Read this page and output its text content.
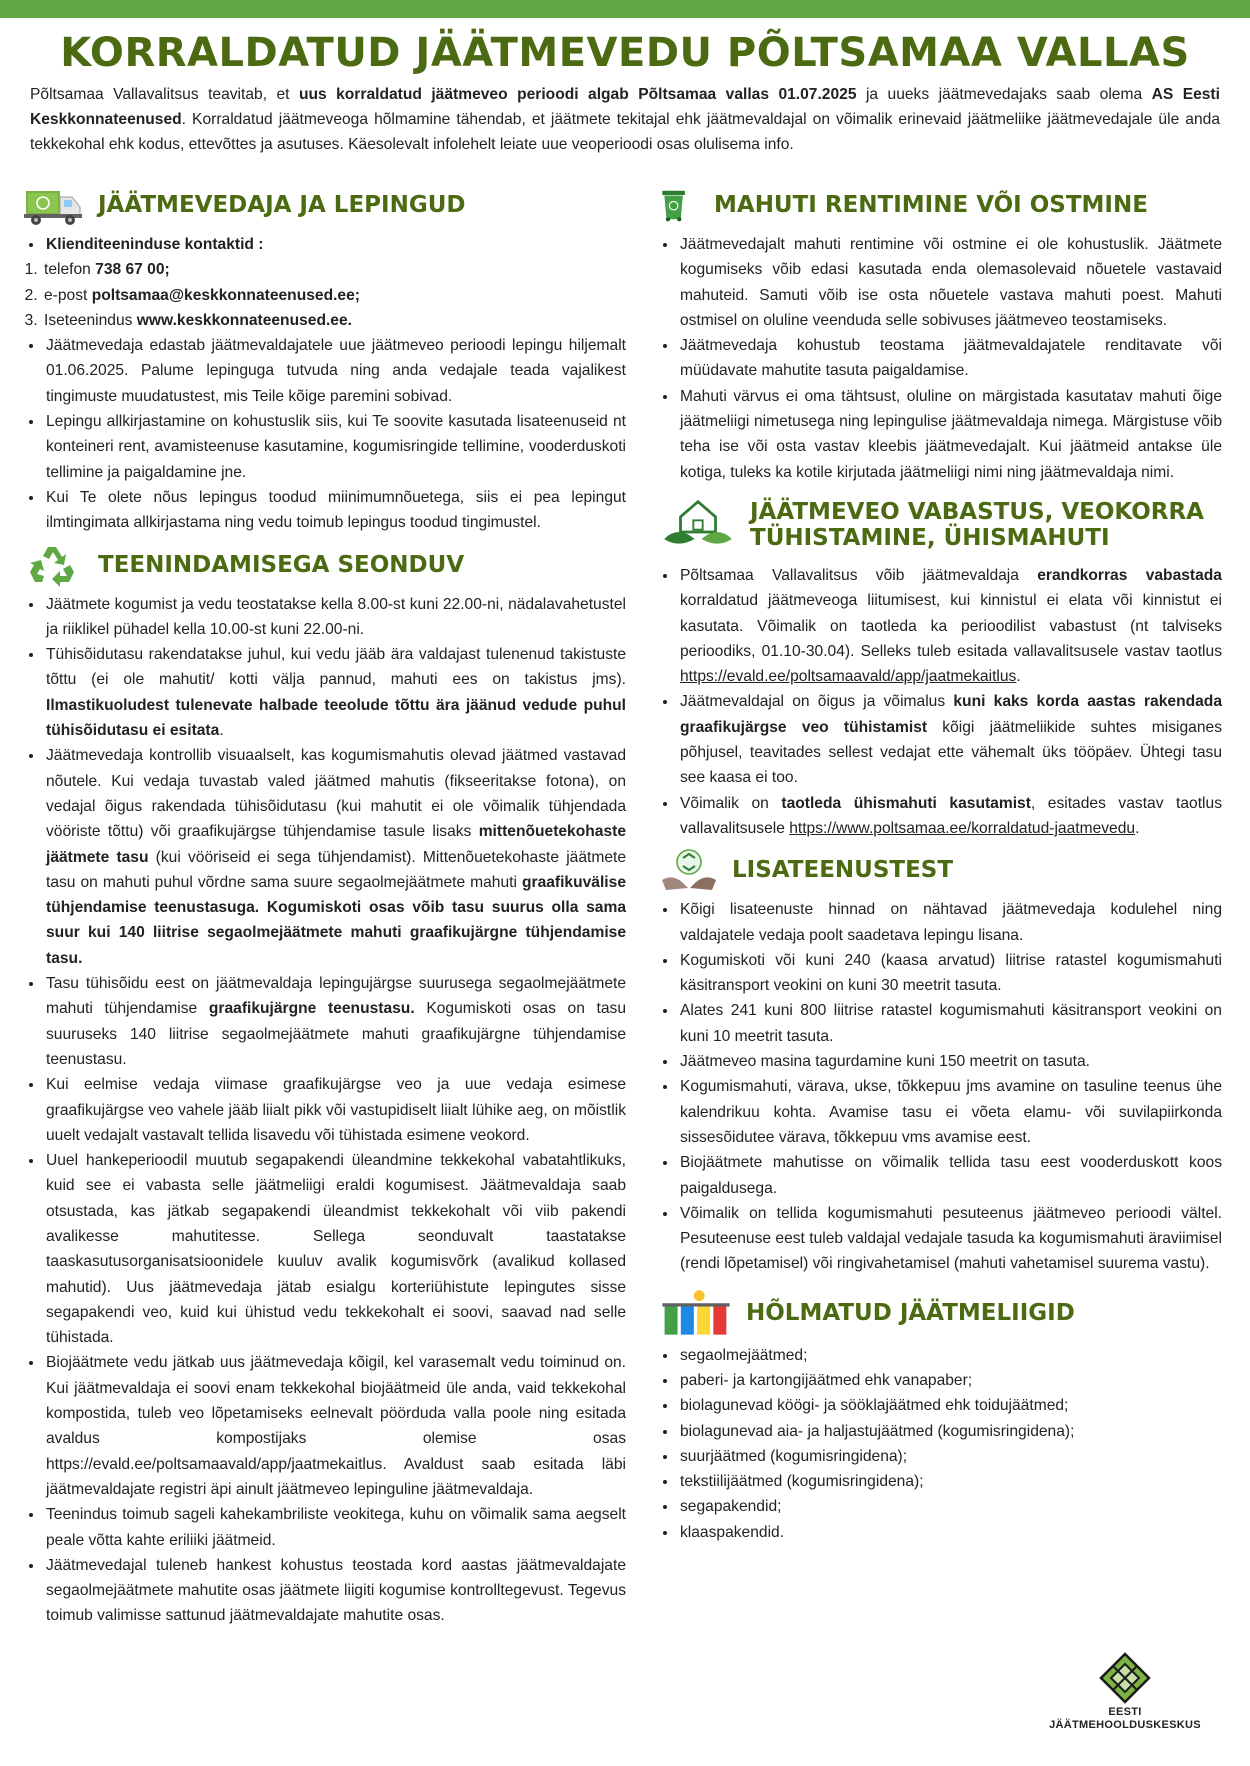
KORRALDATUD JÄÄTMEVEDU PÕLTSAMAA VALLAS

Põltsamaa Vallavalitsus teavitab, et uus korraldatud jäätmeveo perioodi algab Põltsamaa vallas 01.07.2025 ja uueks jäätmevedajaks saab olema AS Eesti Keskkonnateenused. Korraldatud jäätmeveoga hõlmamine tähendab, et jäätmete tekitajal ehk jäätmevaldajal on võimalik erinevaid jäätmeliike jäätmevedajale üle anda tekkekohal ehk kodus, ettevõttes ja asutuses. Käesolevalt infolehelt leiate uue veoperioodi osas olulisema info.

JÄÄTMEVEDAJA JA LEPINGUD
• Klienditeeninduse kontaktid :
1. telefon 738 67 00;
2. e-post poltsamaa@keskkonnateenused.ee;
3. Iseteenindus www.keskkonnateenused.ee.
• Jäätmevedaja edastab jäätmevaldajatele uue jäätmeveo perioodi lepingu hiljemalt 01.06.2025. Palume lepinguga tutvuda ning anda vedajale teada vajalikest tingimuste muudatustest, mis Teile kõige paremini sobivad.
• Lepingu allkirjastamine on kohustuslik siis, kui Te soovite kasutada lisateenuseid nt konteineri rent, avamisteenuse kasutamine, kogumisringide tellimine, vooderduskoti tellimine ja paigaldamine jne.
• Kui Te olete nõus lepingus toodud miinimumnõuetega, siis ei pea lepingut ilmtingimata allkirjastama ning vedu toimub lepingus toodud tingimustel.
TEENINDAMISEGA SEONDUV
• Jäätmete kogumist ja vedu teostatakse kella 8.00-st kuni 22.00-ni, nädalavahetustel ja riiklikel pühadel kella 10.00-st kuni 22.00-ni.
• Tühisõidutasu rakendatakse juhul, kui vedu jääb ära valdajast tulenenud takistuste tõttu (ei ole mahutit/ kotti välja pannud, mahuti ees on takistus jms). Ilmastikuoludest tulenevate halbade teeolude tõttu ära jäänud vedude puhul tühisõidutasu ei esitata.
• Jäätmevedaja kontrollib visuaalselt, kas kogumismahutis olevad jäätmed vastavad nõutele. Kui vedaja tuvastab valed jäätmed mahutis (fikseeritakse fotona), on vedajal õigus rakendada tühisõidutasu (kui mahutit ei ole võimalik tühjendada vööriste tõttu) või graafikujärgse tühjendamise tasule lisaks mittenõuetekohaste jäätmete tasu (kui vööriseid ei sega tühjendamist). Mittenõuetekohaste jäätmete tasu on mahuti puhul võrdne sama suure segaolmejäätmete mahuti graafikuvälise tühjendamise teenustasuga. Kogumiskoti osas võib tasu suurus olla sama suur kui 140 liitrise segaolmejäätmete mahuti graafikujärgne tühjendamise tasu.
• Tasu tühisõidu eest on jäätmevaldaja lepingujärgse suurusega segaolmejäätmete mahuti tühjendamise graafikujärgne teenustasu. Kogumiskoti osas on tasu suuruseks 140 liitrise segaolmejäätmete mahuti graafikujärgne tühjendamise teenustasu.
• Kui eelmise vedaja viimase graafikujärgse veo ja uue vedaja esimese graafikujärgse veo vahele jääb liialt pikk või vastupidiselt liialt lühike aeg, on mõistlik uuelt vedajalt vastavalt tellida lisavedu või tühistada esimene veokord.
• Uuel hankeperioodil muutub segapakendi üleandmine tekkekohal vabatahtlikuks, kuid see ei vabasta selle jäätmeliigi eraldi kogumisest. Jäätmevaldaja saab otsustada, kas jätkab segapakendi üleandmist tekkekohalt või viib pakendi avalikesse mahutitesse. Sellega seonduvalt taastatakse taaskasutusorganisatsioonidele kuuluv avalik kogumisvõrk (avalikud kollased mahutid). Uus jäätmevedaja jätab esialgu korteriühistute lepingutes sisse segapakendi veo, kuid kui ühistud vedu tekkekohalt ei soovi, saavad nad selle tühistada.
• Biojäätmete vedu jätkab uus jäätmevedaja kõigil, kel varasemalt vedu toiminud on. Kui jäätmevaldaja ei soovi enam tekkekohal biojäätmeid üle anda, vaid tekkekohal kompostida, tuleb veo lõpetamiseks eelnevalt pöörduda valla poole ning esitada avaldus kompostijaks olemise osas https://evald.ee/poltsamaavald/app/jaatmekaitlus. Avaldust saab esitada läbi jäätmevaldajate registri äpi ainult jäätmeveo lepinguline jäätmevaldaja.
• Teenindus toimub sageli kahekambriliste veokitega, kuhu on võimalik sama aegselt peale võtta kahte eriliiki jäätmeid.
• Jäätmevedajal tuleneb hankest kohustus teostada kord aastas jäätmevaldajate segaolmejäätmete mahutite osas jäätmete liigiti kogumise kontrolltegevust. Tegevus toimub valimisse sattunud jäätmevaldajate mahutite osas.
MAHUTI RENTIMINE VÕI OSTMINE
• Jäätmevedajalt mahuti rentimine või ostmine ei ole kohustuslik. Jäätmete kogumiseks võib edasi kasutada enda olemasolevaid nõuetele vastavaid mahuteid. Samuti võib ise osta nõuetele vastava mahuti poest. Mahuti ostmisel on oluline veenduda selle sobivuses jäätmeveo teostamiseks.
• Jäätmevedaja kohustub teostama jäätmevaldajatele renditavate või müüdavate mahutite tasuta paigaldamise.
• Mahuti värvus ei oma tähtsust, oluline on märgistada kasutatav mahuti õige jäätmeliigi nimetusega ning lepingulise jäätmevaldaja nimega. Märgistuse võib teha ise või osta vastav kleebis jäätmevedajalt. Kui jäätmeid antakse üle kotiga, tuleks ka kotile kirjutada jäätmeliigi nimi ning jäätmevaldaja nimi.
JÄÄTMEVEO VABASTUS, VEOKORRA
TÜHISTAMINE, ÜHISMAHUTI
• Põltsamaa Vallavalitsus võib jäätmevaldaja erandkorras vabastada korraldatud jäätmeveoga liitumisest, kui kinnistul ei elata või kinnistut ei kasutata. Võimalik on taotleda ka perioodilist vabastust (nt talviseks perioodiks, 01.10-30.04). Selleks tuleb esitada vallavalitsusele vastav taotlus https://evald.ee/poltsamaavald/app/jaatmekaitlus.
• Jäätmevaldajal on õigus ja võimalus kuni kaks korda aastas rakendada graafikujärgse veo tühistamist kõigi jäätmeliikide suhtes misiganes põhjusel, teavitades sellest vedajat ette vähemalt üks tööpäev. Ühtegi tasu see kaasa ei too.
• Võimalik on taotleda ühismahuti kasutamist, esitades vastav taotlus vallavalitsusele https://www.poltsamaa.ee/korraldatud-jaatmevedu.
LISATEENUSTEST
• Kõigi lisateenuste hinnad on nähtavad jäätmevedaja kodulehel ning valdajatele vedaja poolt saadetava lepingu lisana.
• Kogumiskoti või kuni 240 (kaasa arvatud) liitrise ratastel kogumismahuti käsitransport veokini on kuni 30 meetrit tasuta.
• Alates 241 kuni 800 liitrise ratastel kogumismahuti käsitransport veokini on kuni 10 meetrit tasuta.
• Jäätmeveo masina tagurdamine kuni 150 meetrit on tasuta.
• Kogumismahuti, värava, ukse, tõkkepuu jms avamine on tasuline teenus ühe kalendrikuu kohta. Avamise tasu ei võeta elamu- või suvilapiirkonda sissesõidutee värava, tõkkepuu vms avamise eest.
• Biojäätmete mahutisse on võimalik tellida tasu eest vooderduskott koos paigaldusega.
• Võimalik on tellida kogumismahuti pesuteenus jäätmeveo perioodi vältel. Pesuteenuse eest tuleb valdajal vedajale tasuda ka kogumismahuti äraviimisel (rendi lõpetamisel) või ringivahetamisel (mahuti vahetamisel suurema vastu).
HÕLMATUD JÄÄTMELIIGID
• segaolmejäätmed;
• paberi- ja kartongijäätmed ehk vanapaber;
• biolagunevad köögi- ja sööklajäätmed ehk toidujäätmed;
• biolagunevad aia- ja haljastujäätmed (kogumisringidena);
• suurjäätmed (kogumisringidena);
• tekstiilijäätmed (kogumisringidena);
• segapakendid;
• klaaspakendid.
EESTI
JÄÄTMEHOOLDUSKESKUS
